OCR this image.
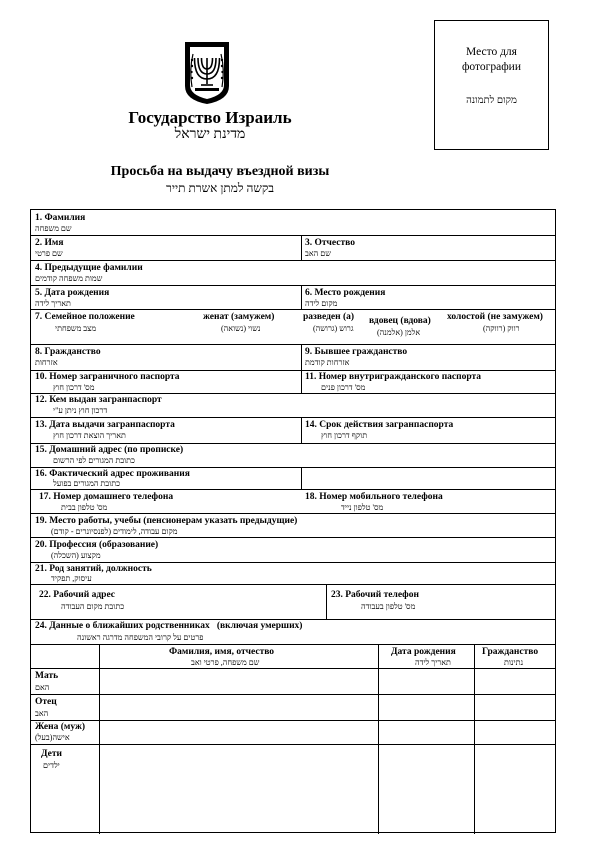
Место для
фотографии
מקום לתמונה
Государство Израиль
מדינת ישראל
Просьба на выдачу въездной визы
בקשה למתן אשרת תייר
1. Фамилия
שם משפחה
2. Имя
שם פרטי
3. Отчество
שם האב
4. Предыдущие фамилии
שמות משפחה קודמים
5. Дата рождения
תאריך לידה
6. Место рождения
מקום לידה
7. Семейное положение
מצב משפחתי
женат (замужем)
נשוי (נשואה)
разведен (а)
גרוש (גרושה)
вдовец (вдова)
אלמן (אלמנה)
холостой (не замужем)
רווק (רווקה)
8. Гражданство
אזרחות
9. Бывшее гражданство
אזרחות קודמת
10. Номер заграничного паспорта
מס' דרכון חוץ
11. Номер внутригражданского паспорта
מס' דרכון פנים
12. Кем выдан загранпаспорт
דרכון חוץ ניתן ע"י
13. Дата выдачи загранпаспорта
תאריך הוצאת דרכון חוץ
14. Срок действия загранпаспорта
תוקף דרכון חוץ
15. Домашний адрес (по прописке)
כתובת המגורים לפי הרשום
16. Фактический адрес проживания
כתובת המגורים בפועל
17. Номер домашнего телефона
מס' טלפון בבית
18. Номер мобильного телефона
מס' טלפון נייד
19. Место работы, учебы (пенсионерам указать предыдущие)
מקום עבודה, לימודים (לפנסיונרים - קודם)
20. Профессия (образование)
מקצוע (השכלה)
21. Род занятий, должность
עיסוק, תפקיד
22. Рабочий адрес
כתובת מקום העבודה
23. Рабочий телефон
מס' טלפון בעבודה
24. Данные о ближайших родственниках (включая умерших)
פרטים על קרובי המשפחה מדרגה ראשונה
Фамилия, имя, отчество
שם משפחה, פרטי ואב
Дата рождения
תאריך לידה
Гражданство
נתינות
Мать
האם
Отец
האב
Жена (муж)
אישה(בעל)
Дети
ילדים
